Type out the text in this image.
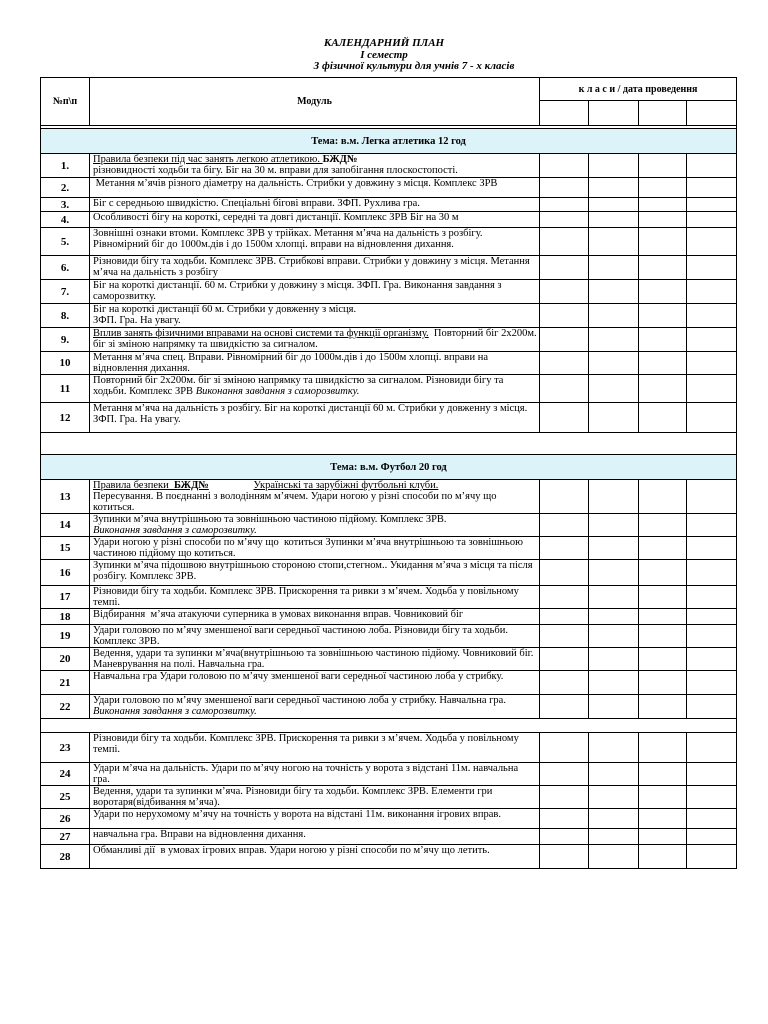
КАЛЕНДАРНИЙ ПЛАН
І семестр
З фізичної культури для учнів 7 - х класів
№п\п	Модуль	к л а с и / дата проведення			

Тема: в.м. Легка атлетика 12 год					
1.	Правила безпеки під час занять легкою атлетикою. БЖД№
різновидності ходьби та бігу. Біг на 30 м. вправи для запобігання плоскостопості.				
2.	Метання м’ячів різного діаметру на дальність. Стрибки у довжину з місця. Комплекс ЗРВ				
3.	Біг с середньою швидкістю. Спеціальні бігові вправи. ЗФП. Рухлива гра.				
4.	Особливості бігу на короткі, середні та довгі дистанції. Комплекс ЗРВ Біг на 30 м				
5.	Зовнішні ознаки втоми. Комплекс ЗРВ у трійках. Метання м’яча на дальність з розбігу. Рівномірний біг до 1000м.дів і до 1500м хлопці. вправи на відновлення дихання.				
6.	Різновиди бігу та ходьби. Комплекс ЗРВ. Стрибкові вправи. Стрибки у довжину з місця. Метання м’яча на дальність з розбігу				
7.	Біг на короткі дистанції. 60 м. Стрибки у довжину з місця. ЗФП. Гра. Виконання завдання з саморозвитку.				
8.	Біг на короткі дистанції 60 м. Стрибки у довженну з місця.
ЗФП. Гра. На увагу.				
9.	Вплив занять фізичними вправами на основі системи та функції організму.  Повторний біг 2х200м. біг зі зміною напрямку та швидкістю за сигналом.				
10	Метання м’яча спец. Вправи. Рівномірний біг до 1000м.дів і до 1500м хлопці. вправи на відновлення дихання.				
11	Повторний біг 2х200м. біг зі зміною напрямку та швидкістю за сигналом. Різновиди бігу та ходьби. Комплекс ЗРВ Виконання завдання з саморозвитку.				
12	Метання м’яча на дальність з розбігу. Біг на короткі дистанції 60 м. Стрибки у довженну з місця. ЗФП. Гра. На увагу.				

Тема: в.м. Футбол 20 год					
13	Правила безпеки  БЖД№ Українські та зарубіжні футбольні клуби.
Пересування. В поєднанні з володінням м’ячем. Удари ногою у різні способи по м’ячу що  котиться.				
14	Зупинки м’яча внутрішньою та зовнішньою частиною підйому. Комплекс ЗРВ.
Виконання завдання з саморозвитку.				
15	Удари ногою у різні способи по м’ячу що  котиться Зупинки м’яча внутрішньою та зовнішньою частиною підйому що котиться.				
16	Зупинки м’яча підошвою внутрішньою стороною стопи,стегном.. Укидання м’яча з місця та після розбігу. Комплекс ЗРВ.				
17	Різновиди бігу та ходьби. Комплекс ЗРВ. Прискорення та ривки з м’ячем. Ходьба у повільному темпі.				
18	Відбирання  м’яча атакуючи суперника в умовах виконання вправ. Човниковий біг				
19	Удари головою по м’ячу зменшеної ваги середньої частиною лоба. Різновиди бігу та ходьби. Комплекс ЗРВ.				
20	Ведення, удари та зупинки м’яча(внутрішньою та зовнішньою частиною підйому. Човниковий біг. Маневрування на полі. Навчальна гра.				
21	Навчальна гра Удари головою по м’ячу зменшеної ваги середньої частиною лоба у стрибку.				
22	Удари головою по м’ячу зменшеної ваги середньої частиною лоба у стрибку. Навчальна гра. Виконання завдання з саморозвитку.				

23	Різновиди бігу та ходьби. Комплекс ЗРВ. Прискорення та ривки з м’ячем. Ходьба у повільному темпі.				
24	Удари м’яча на дальність. Удари по м’ячу ногою на точність у ворота з відстані 11м. навчальна гра.				
25	Ведення, удари та зупинки м’яча. Різновиди бігу та ходьби. Комплекс ЗРВ. Елементи гри воротаря(відбивання м’яча).				
26	Удари по нерухомому м’ячу на точність у ворота на відстані 11м. виконання ігрових вправ.				
27	навчальна гра. Вправи на відновлення дихання.				
28	Обманливі дії  в умовах ігрових вправ. Удари ногою у різні способи по м’ячу що летить.				
